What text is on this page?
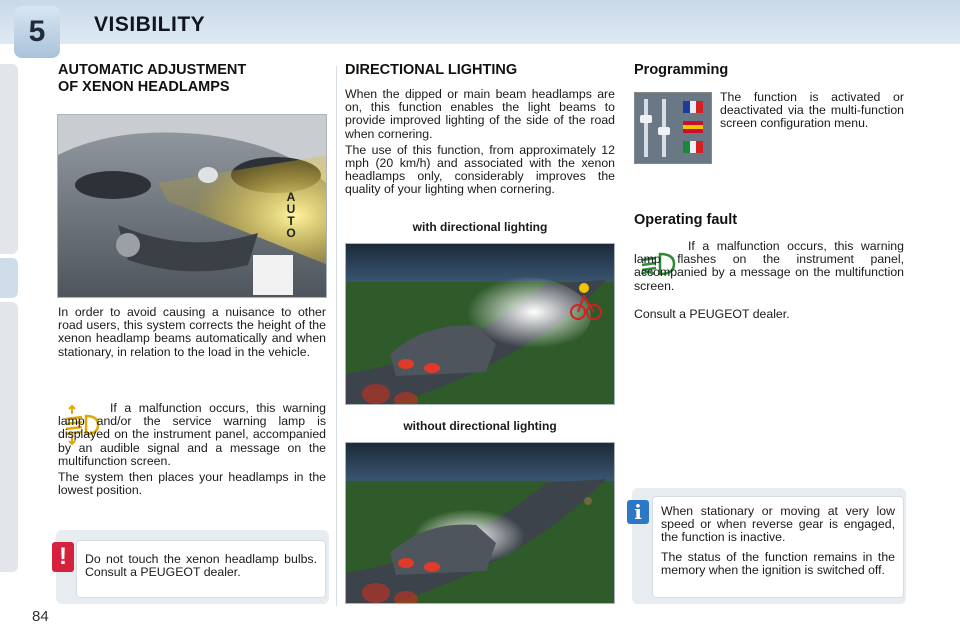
5 VISIBILITY
AUTOMATIC ADJUSTMENT
OF XENON HEADLAMPS
A
U
T
O
In order to avoid causing a nuisance to other road users, this system corrects the height of the xenon headlamp beams automatically and when stationary, in relation to the load in the vehicle.

If a malfunction occurs, this warning lamp and/or the service warning lamp is displayed on the instrument panel, accompanied by an audible signal and a message on the multifunction screen.

The system then places your headlamps in the lowest position.

Do not touch the xenon headlamp bulbs. Consult a PEUGEOT dealer.
!
DIRECTIONAL LIGHTING

When the dipped or main beam headlamps are on, this function enables the light beams to provide improved lighting of the side of the road when cornering.

The use of this function, from approximately 12 mph (20 km/h) and associated with the xenon headlamps only, considerably improves the quality of your lighting when cornering.

with directional lighting
without directional lighting
Programming
The function is activated or deactivated via the multi-function screen configuration menu.
Operating fault
If a malfunction occurs, this warning lamp flashes on the instrument panel, accompanied by a message on the multifunction screen.
Consult a PEUGEOT dealer.

When stationary or moving at very low speed or when reverse gear is engaged, the function is inactive.

The status of the function remains in the memory when the ignition is switched off.

i
84
